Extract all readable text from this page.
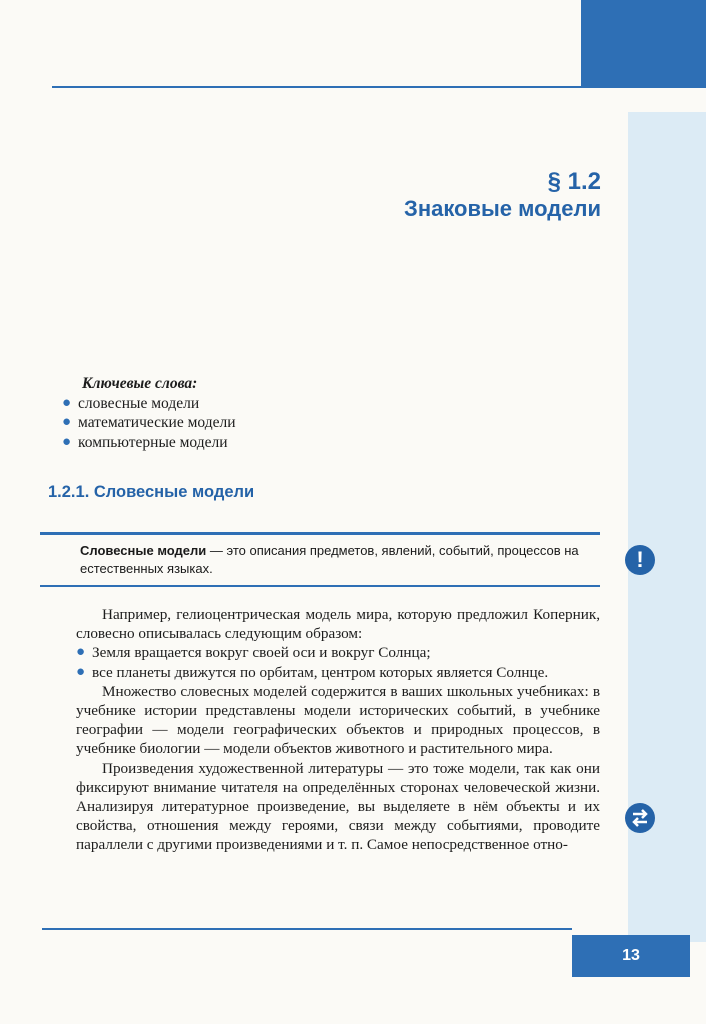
§ 1.2
Знаковые модели
Ключевые слова:
● словесные модели
● математические модели
● компьютерные модели
1.2.1. Словесные модели
Словесные модели — это описания предметов, явлений, событий, процессов на естественных языках.	!

Например, гелиоцентрическая модель мира, которую предложил Коперник, словесно описывалась следующим образом:

● Земля вращается вокруг своей оси и вокруг Солнца;
● все планеты движутся по орбитам, центром которых является Солнце.

Множество словесных моделей содержится в ваших школьных учебниках: в учебнике истории представлены модели исторических событий, в учебнике географии — модели географических объектов и природных процессов, в учебнике биологии — модели объектов животного и растительного мира.

Произведения художественной литературы — это тоже модели, так как они фиксируют внимание читателя на определённых сторонах человеческой жизни. Анализируя литературное произведение, вы выделяете в нём объекты и их свойства, отношения между героями, связи между событиями, проводите параллели с другими произведениями и т. п. Самое непосредственное отно-

13
